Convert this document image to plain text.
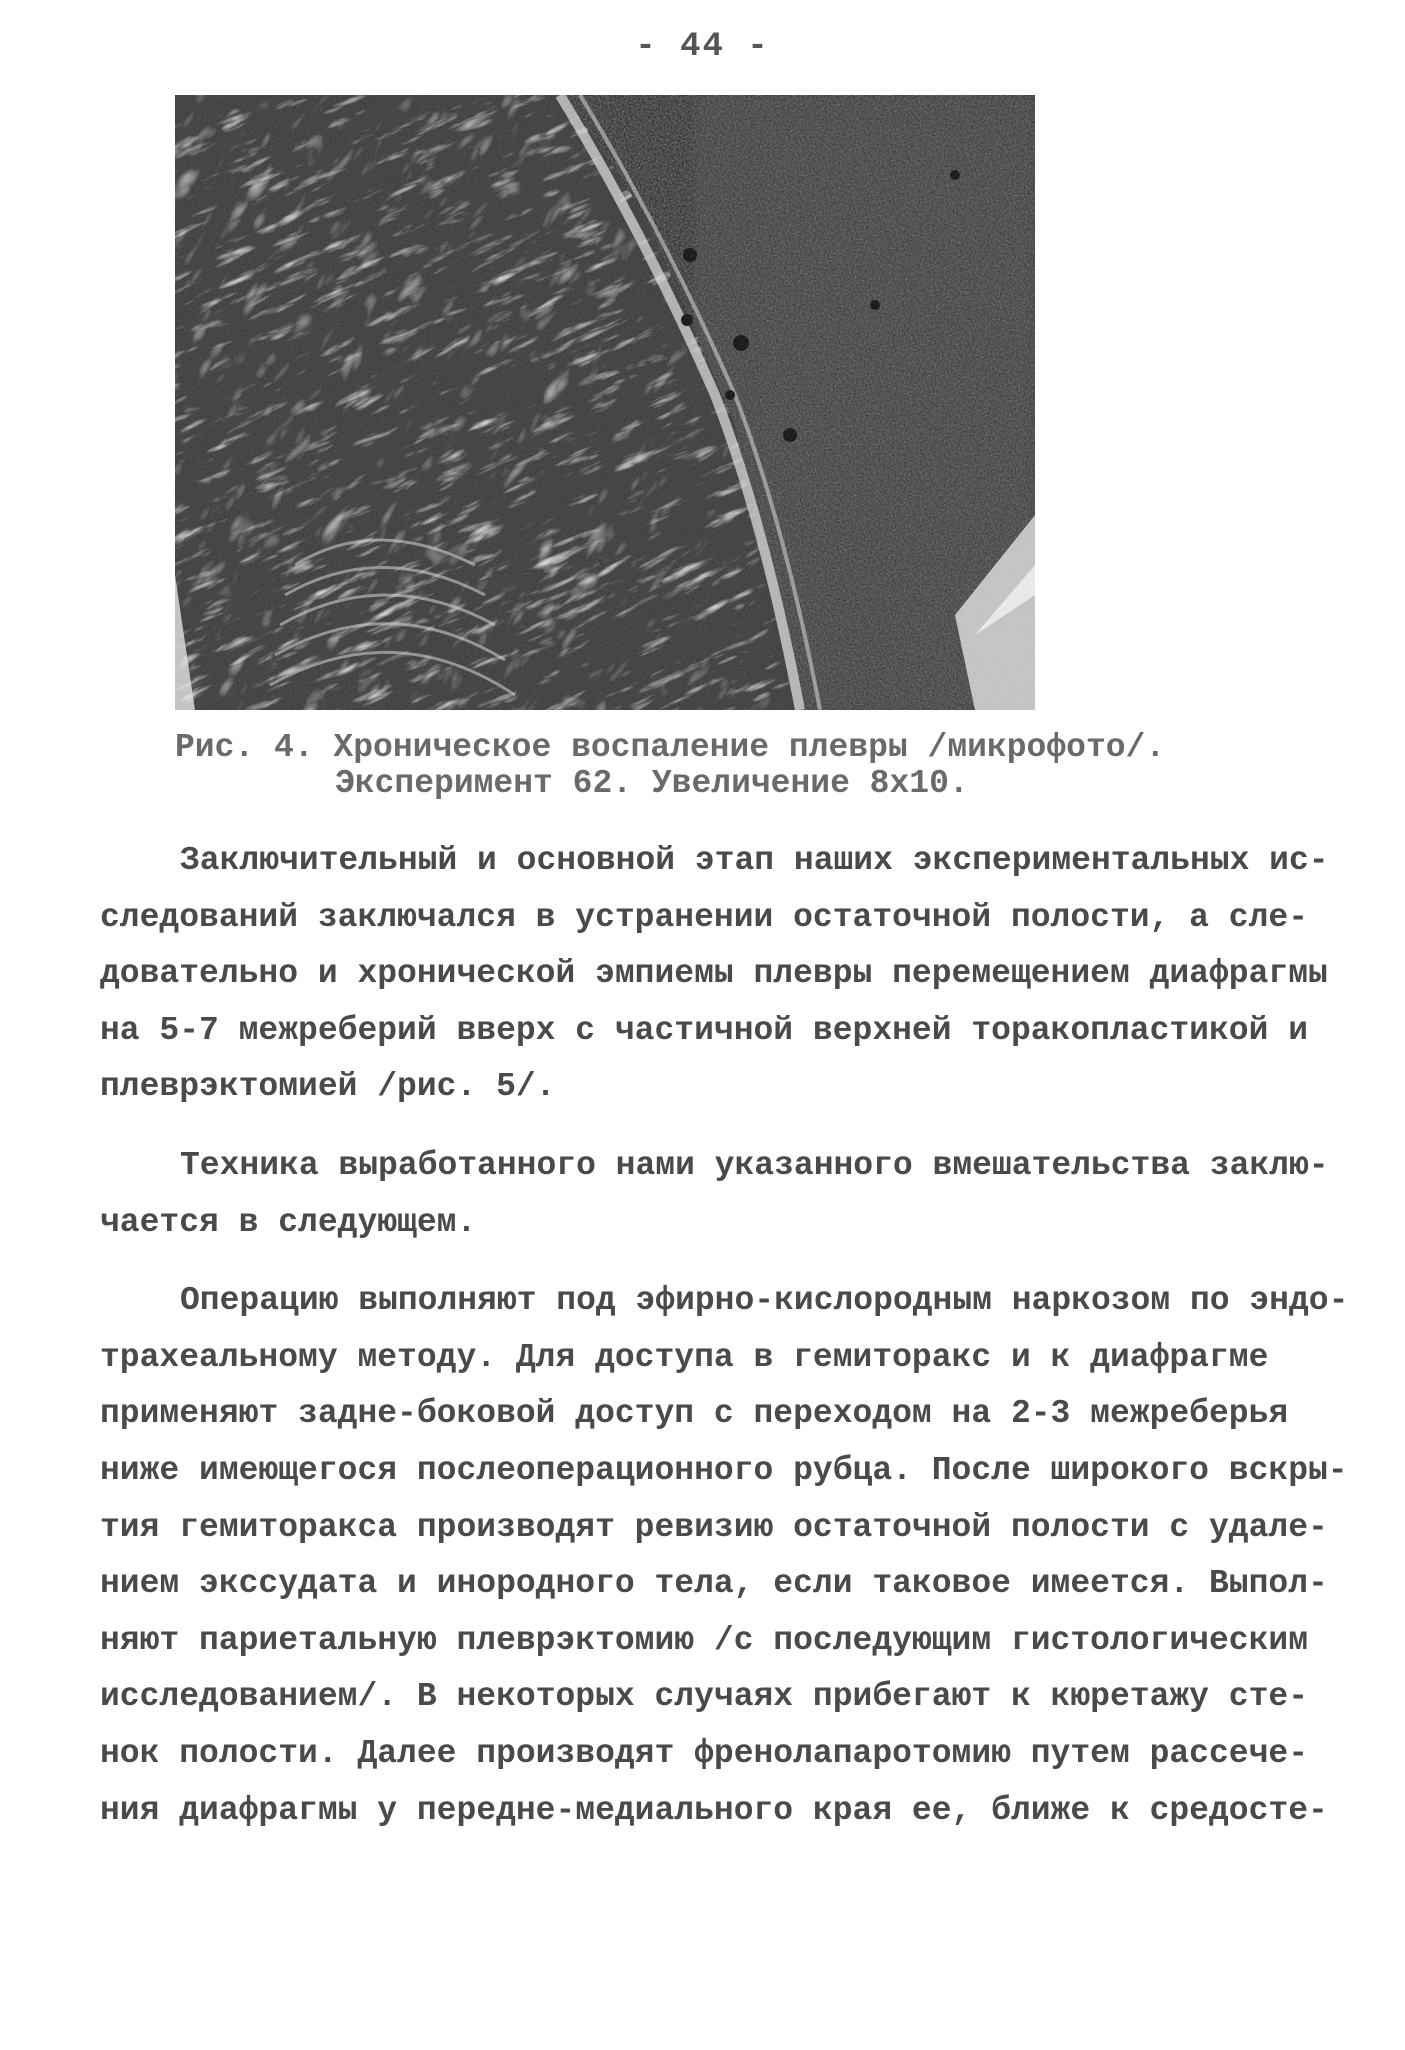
- 44 -
Рис. 4. Хроническое воспаление плевры /микрофото/.
Эксперимент 62. Увеличение 8х10.

Заключительный и основной этап наших экспериментальных ис-
следований заключался в устранении остаточной полости, а сле-
довательно и хронической эмпиемы плевры перемещением диафрагмы
на 5-7 межреберий вверх с частичной верхней торакопластикой и
плеврэктомией /рис. 5/.

Техника выработанного нами указанного вмешательства заклю-
чается в следующем.

Операцию выполняют под эфирно-кислородным наркозом по эндо-
трахеальному методу. Для доступа в гемиторакс и к диафрагме
применяют задне-боковой доступ с переходом на 2-3 межреберья
ниже имеющегося послеоперационного рубца. После широкого вскры-
тия гемиторакса производят ревизию остаточной полости с удале-
нием экссудата и инородного тела, если таковое имеется. Выпол-
няют париетальную плеврэктомию /с последующим гистологическим
исследованием/. В некоторых случаях прибегают к кюретажу сте-
нок полости. Далее производят френолапаротомию путем рассече-
ния диафрагмы у передне-медиального края ее, ближе к средосте-
